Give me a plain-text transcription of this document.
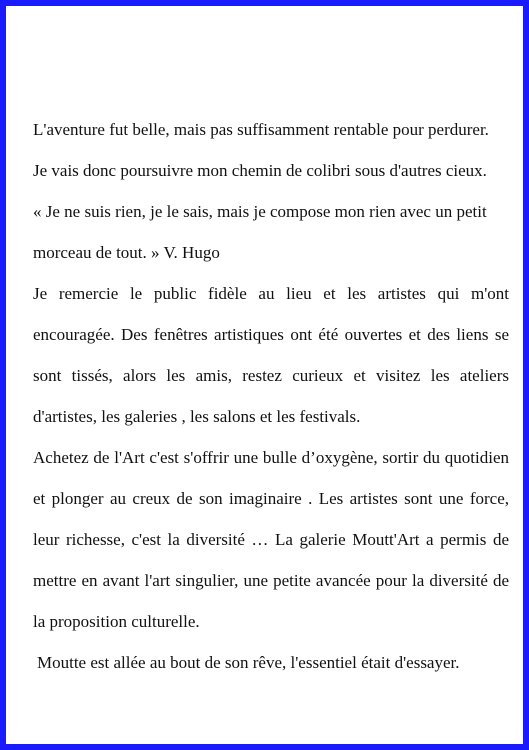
L'aventure fut belle, mais pas suffisamment rentable pour perdurer.

Je vais donc poursuivre mon chemin de colibri sous d'autres cieux.

« Je ne suis rien, je le sais, mais je compose mon rien avec un petit

morceau de tout. » V. Hugo

Je remercie le public fidèle au lieu et les artistes qui m'ont encouragée. Des fenêtres artistiques ont été ouvertes et des liens se sont tissés, alors les amis, restez curieux et visitez les ateliers d'artistes, les galeries , les salons et les festivals.

Achetez de l'Art c'est s'offrir une bulle d’oxygène, sortir du quotidien et plonger au creux de son imaginaire . Les artistes sont une force, leur richesse, c'est la diversité … La galerie Moutt'Art a permis de mettre en avant l'art singulier, une petite avancée pour la diversité de la proposition culturelle.

Moutte est allée au bout de son rêve, l'essentiel était d'essayer.
